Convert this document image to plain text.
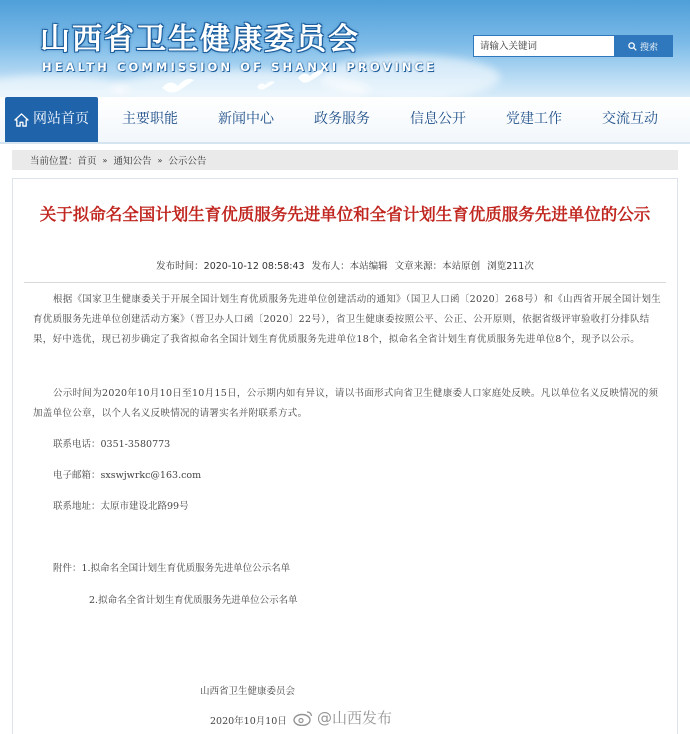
山西省卫生健康委员会
HEALTH COMMISSION OF SHANXI PROVINCE
请输入关键词
搜索
网站首页	主要职能	新闻中心	政务服务	信息公开	党建工作	交流互动
当前位置： 首页 » 通知公告 » 公示公告
关于拟命名全国计划生育优质服务先进单位和全省计划生育优质服务先进单位的公示
发布时间：2020-10-12 08:58:43 发布人：本站编辑 文章来源：本站原创 浏览211次
根据《国家卫生健康委关于开展全国计划生育优质服务先进单位创建活动的通知》（国卫人口函〔2020〕268号）和《山西省开展全国计划生育优质服务先进单位创建活动方案》（晋卫办人口函〔2020〕22号），省卫生健康委按照公平、公正、公开原则，依据省级评审验收打分排队结果，好中选优，现已初步确定了我省拟命名全国计划生育优质服务先进单位18个，拟命名全省计划生育优质服务先进单位8个，现予以公示。
公示时间为2020年10月10日至10月15日，公示期内如有异议，请以书面形式向省卫生健康委人口家庭处反映。凡以单位名义反映情况的须加盖单位公章，以个人名义反映情况的请署实名并附联系方式。
联系电话：0351-3580773
电子邮箱：sxswjwrkc@163.com
联系地址：太原市建设北路99号
附件：1.拟命名全国计划生育优质服务先进单位公示名单
2.拟命名全省计划生育优质服务先进单位公示名单
山西省卫生健康委员会
2020年10月10日 @山西发布
